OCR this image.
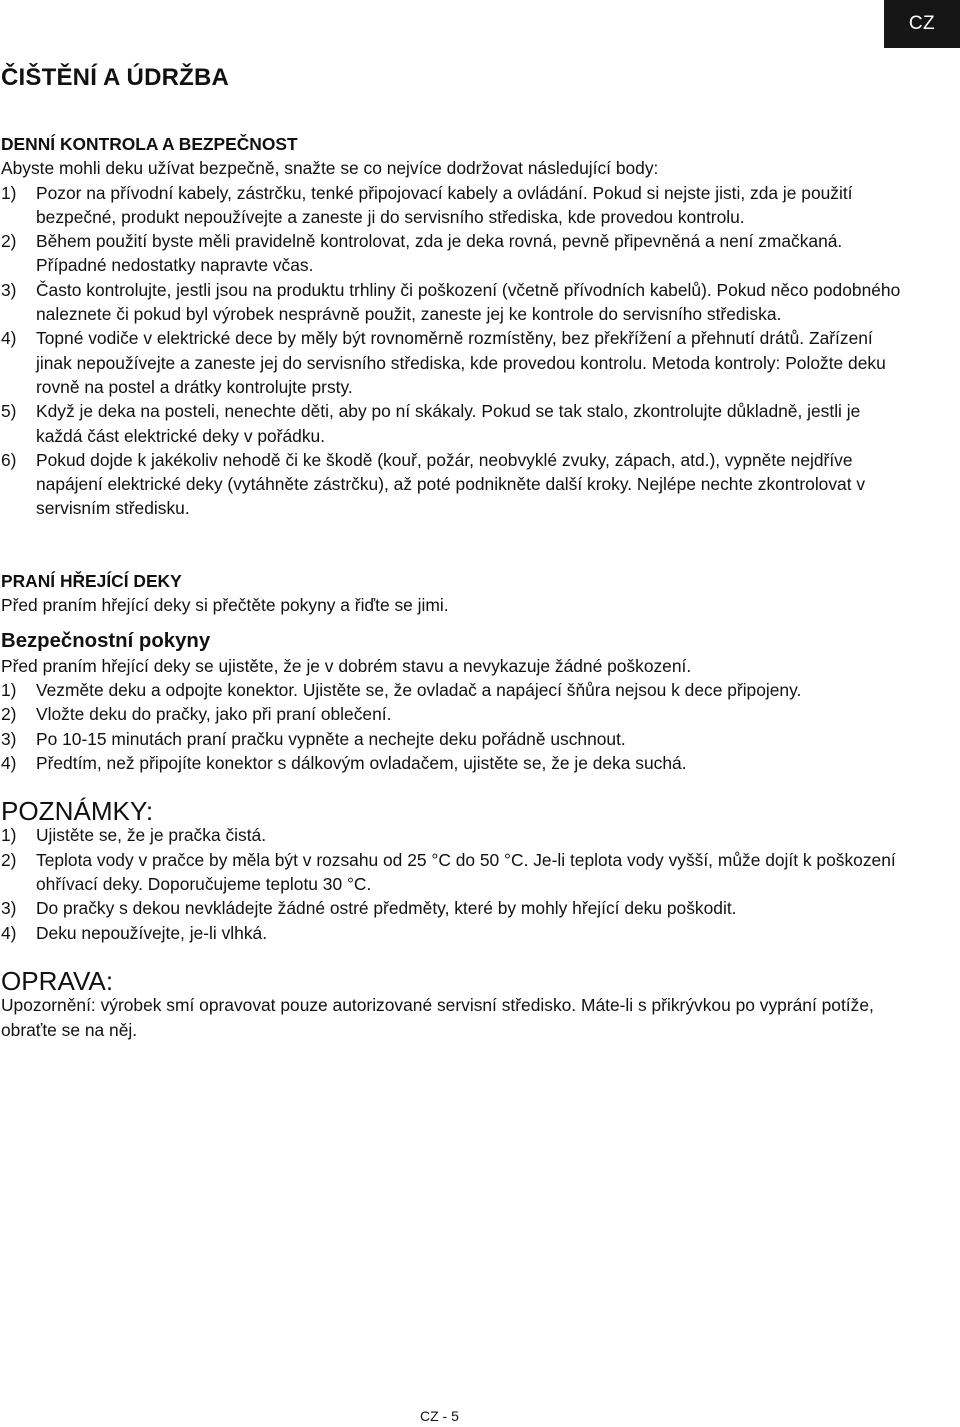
CZ
ČIŠTĚNÍ A ÚDRŽBA
DENNÍ KONTROLA A BEZPEČNOST

Abyste mohli deku užívat bezpečně, snažte se co nejvíce dodržovat následující body:

1)	Pozor na přívodní kabely, zástrčku, tenké připojovací kabely a ovládání. Pokud si nejste jisti, zda je použití bezpečné, produkt nepoužívejte a zaneste ji do servisního střediska, kde provedou kontrolu.
2)	Během použití byste měli pravidelně kontrolovat, zda je deka rovná, pevně připevněná a není zmačkaná. Případné nedostatky napravte včas.
3)	Často kontrolujte, jestli jsou na produktu trhliny či poškození (včetně přívodních kabelů). Pokud něco podobného naleznete či pokud byl výrobek nesprávně použit, zaneste jej ke kontrole do servisního střediska.
4)	Topné vodiče v elektrické dece by měly být rovnoměrně rozmístěny, bez překřížení a přehnutí drátů. Zařízení jinak nepoužívejte a zaneste jej do servisního střediska, kde provedou kontrolu. Metoda kontroly: Položte deku rovně na postel a drátky kontrolujte prsty.
5)	Když je deka na posteli, nenechte děti, aby po ní skákaly. Pokud se tak stalo, zkontrolujte důkladně, jestli je každá část elektrické deky v pořádku.
6)	Pokud dojde k jakékoliv nehodě či ke škodě (kouř, požár, neobvyklé zvuky, zápach, atd.), vypněte nejdříve napájení elektrické deky (vytáhněte zástrčku), až poté podnikněte další kroky. Nejlépe nechte zkontrolovat v servisním středisku.
PRANÍ HŘEJÍCÍ DEKY

Před praním hřející deky si přečtěte pokyny a řiďte se jimi.

Bezpečnostní pokyny

Před praním hřející deky se ujistěte, že je v dobrém stavu a nevykazuje žádné poškození.

1)	Vezměte deku a odpojte konektor. Ujistěte se, že ovladač a napájecí šňůra nejsou k dece připojeny.
2)	Vložte deku do pračky, jako při praní oblečení.
3)	Po 10-15 minutách praní pračku vypněte a nechejte deku pořádně uschnout.
4)	Předtím, než připojíte konektor s dálkovým ovladačem, ujistěte se, že je deka suchá.
POZNÁMKY:
1)	Ujistěte se, že je pračka čistá.
2)	Teplota vody v pračce by měla být v rozsahu od 25 °C do 50 °C. Je-li teplota vody vyšší, může dojít k poškození ohřívací deky. Doporučujeme teplotu 30 °C.
3)	Do pračky s dekou nevkládejte žádné ostré předměty, které by mohly hřející deku poškodit.
4)	Deku nepoužívejte, je-li vlhká.
OPRAVA:

Upozornění: výrobek smí opravovat pouze autorizované servisní středisko. Máte-li s přikrývkou po vyprání potíže, obraťte se na něj.

CZ - 5
